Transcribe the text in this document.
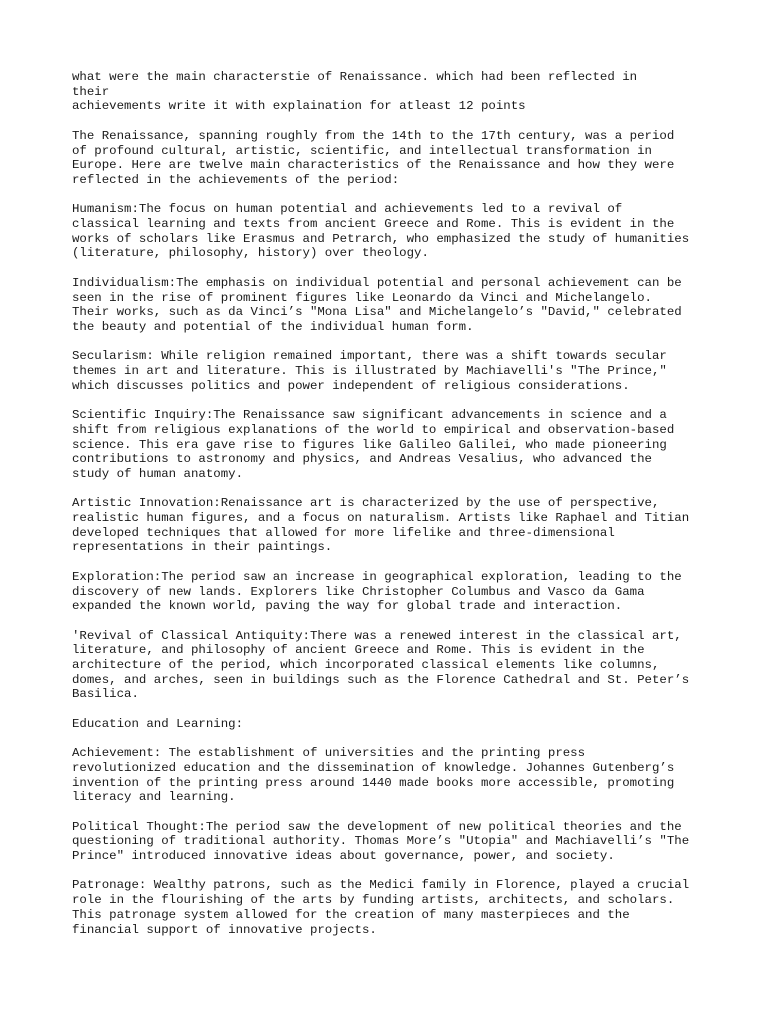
what were the main characterstie of Renaissance. which had been reflected in
their
achievements write it with explaination for atleast 12 points
The Renaissance, spanning roughly from the 14th to the 17th century, was a period
of profound cultural, artistic, scientific, and intellectual transformation in
Europe. Here are twelve main characteristics of the Renaissance and how they were
reflected in the achievements of the period:
Humanism:The focus on human potential and achievements led to a revival of
classical learning and texts from ancient Greece and Rome. This is evident in the
works of scholars like Erasmus and Petrarch, who emphasized the study of humanities
(literature, philosophy, history) over theology.
Individualism:The emphasis on individual potential and personal achievement can be
seen in the rise of prominent figures like Leonardo da Vinci and Michelangelo.
Their works, such as da Vinci’s "Mona Lisa" and Michelangelo’s "David," celebrated
the beauty and potential of the individual human form.
Secularism: While religion remained important, there was a shift towards secular
themes in art and literature. This is illustrated by Machiavelli's "The Prince,"
which discusses politics and power independent of religious considerations.
Scientific Inquiry:The Renaissance saw significant advancements in science and a
shift from religious explanations of the world to empirical and observation-based
science. This era gave rise to figures like Galileo Galilei, who made pioneering
contributions to astronomy and physics, and Andreas Vesalius, who advanced the
study of human anatomy.
Artistic Innovation:Renaissance art is characterized by the use of perspective,
realistic human figures, and a focus on naturalism. Artists like Raphael and Titian
developed techniques that allowed for more lifelike and three-dimensional
representations in their paintings.
Exploration:The period saw an increase in geographical exploration, leading to the
discovery of new lands. Explorers like Christopher Columbus and Vasco da Gama
expanded the known world, paving the way for global trade and interaction.
'Revival of Classical Antiquity:There was a renewed interest in the classical art,
literature, and philosophy of ancient Greece and Rome. This is evident in the
architecture of the period, which incorporated classical elements like columns,
domes, and arches, seen in buildings such as the Florence Cathedral and St. Peter’s
Basilica.
Education and Learning:
Achievement: The establishment of universities and the printing press
revolutionized education and the dissemination of knowledge. Johannes Gutenberg’s
invention of the printing press around 1440 made books more accessible, promoting
literacy and learning.
Political Thought:The period saw the development of new political theories and the
questioning of traditional authority. Thomas More’s "Utopia" and Machiavelli’s "The
Prince" introduced innovative ideas about governance, power, and society.
Patronage: Wealthy patrons, such as the Medici family in Florence, played a crucial
role in the flourishing of the arts by funding artists, architects, and scholars.
This patronage system allowed for the creation of many masterpieces and the
financial support of innovative projects.
